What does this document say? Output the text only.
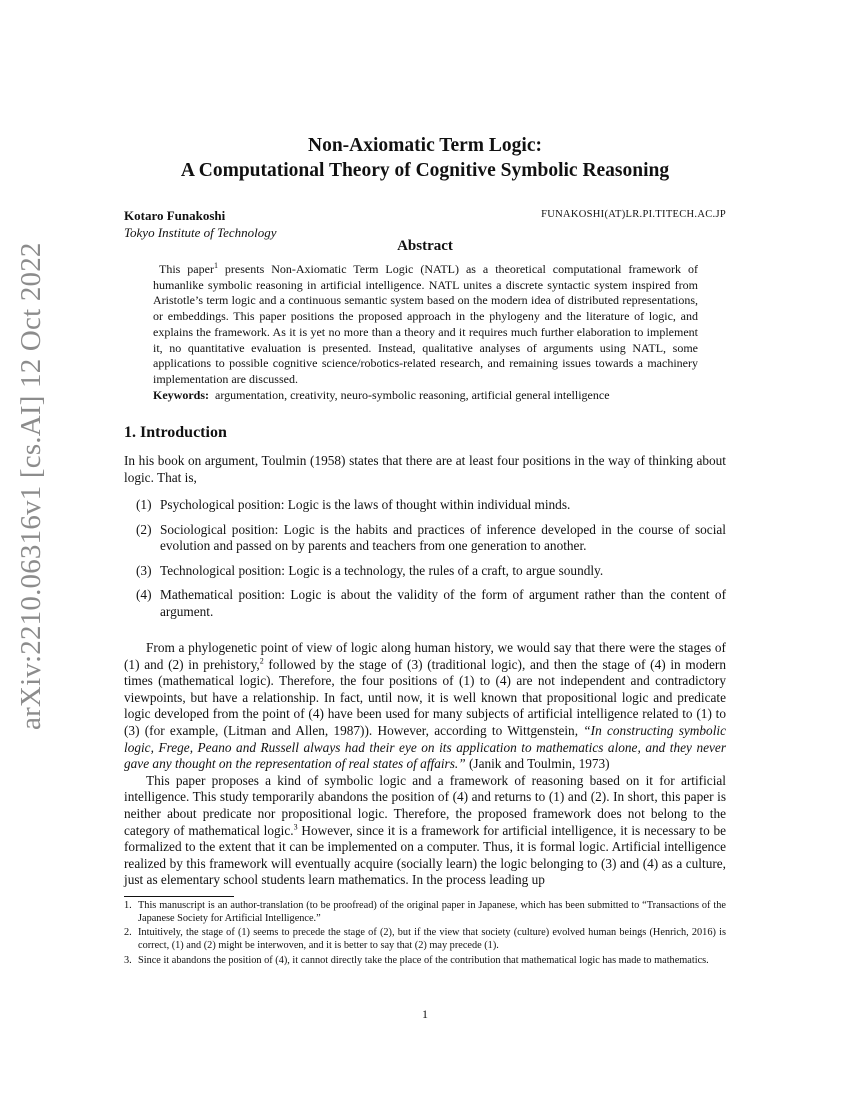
arXiv:2210.06316v1 [cs.AI] 12 Oct 2022
Non-Axiomatic Term Logic:
A Computational Theory of Cognitive Symbolic Reasoning
Kotaro Funakoshi	FUNAKOSHI(AT)LR.PI.TITECH.AC.JP
Tokyo Institute of Technology
Abstract

This paper$^1$ presents Non-Axiomatic Term Logic (NATL) as a theoretical computational framework of humanlike symbolic reasoning in artificial intelligence. NATL unites a discrete syntactic system inspired from Aristotle’s term logic and a continuous semantic system based on the modern idea of distributed representations, or embeddings. This paper positions the proposed approach in the phylogeny and the literature of logic, and explains the framework. As it is yet no more than a theory and it requires much further elaboration to implement it, no quantitative evaluation is presented. Instead, qualitative analyses of arguments using NATL, some applications to possible cognitive science/robotics-related research, and remaining issues towards a machinery implementation are discussed.

Keywords: argumentation, creativity, neuro-symbolic reasoning, artificial general intelligence

1. Introduction

In his book on argument, Toulmin (1958) states that there are at least four positions in the way of thinking about logic. That is,

(1) Psychological position: Logic is the laws of thought within individual minds.
(2) Sociological position: Logic is the habits and practices of inference developed in the course of social evolution and passed on by parents and teachers from one generation to another.
(3) Technological position: Logic is a technology, the rules of a craft, to argue soundly.
(4) Mathematical position: Logic is about the validity of the form of argument rather than the content of argument.

From a phylogenetic point of view of logic along human history, we would say that there were the stages of (1) and (2) in prehistory,$^2$ followed by the stage of (3) (traditional logic), and then the stage of (4) in modern times (mathematical logic). Therefore, the four positions of (1) to (4) are not independent and contradictory viewpoints, but have a relationship. In fact, until now, it is well known that propositional logic and predicate logic developed from the point of (4) have been used for many subjects of artificial intelligence related to (1) to (3) (for example, (Litman and Allen, 1987)). However, according to Wittgenstein, “In constructing symbolic logic, Frege, Peano and Russell always had their eye on its application to mathematics alone, and they never gave any thought on the representation of real states of affairs.” (Janik and Toulmin, 1973)

This paper proposes a kind of symbolic logic and a framework of reasoning based on it for artificial intelligence. This study temporarily abandons the position of (4) and returns to (1) and (2). In short, this paper is neither about predicate nor propositional logic. Therefore, the proposed framework does not belong to the category of mathematical logic.$^3$ However, since it is a framework for artificial intelligence, it is necessary to be formalized to the extent that it can be implemented on a computer. Thus, it is formal logic. Artificial intelligence realized by this framework will eventually acquire (socially learn) the logic belonging to (3) and (4) as a culture, just as elementary school students learn mathematics. In the process leading up

1. This manuscript is an author-translation (to be proofread) of the original paper in Japanese, which has been submitted to “Transactions of the Japanese Society for Artificial Intelligence.”
2. Intuitively, the stage of (1) seems to precede the stage of (2), but if the view that society (culture) evolved human beings (Henrich, 2016) is correct, (1) and (2) might be interwoven, and it is better to say that (2) may precede (1).
3. Since it abandons the position of (4), it cannot directly take the place of the contribution that mathematical logic has made to mathematics.
1
